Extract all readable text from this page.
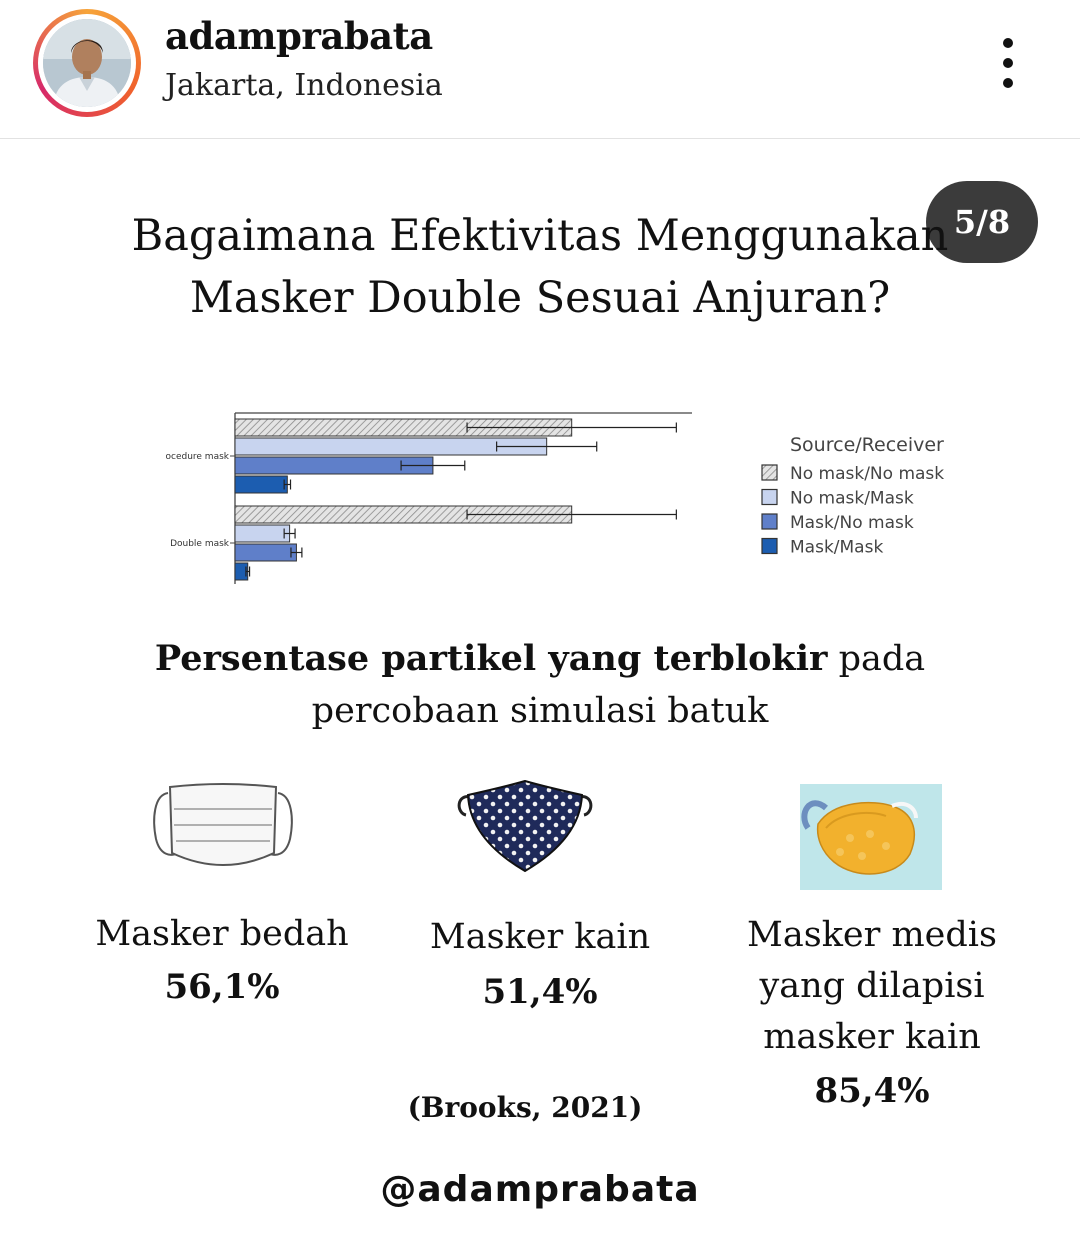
adamprabata
Jakarta, Indonesia
5/8
Bagaimana Efektivitas Menggunakan
Masker Double Sesuai Anjuran?
ocedure mask
Double mask
Source/Receiver
No mask/No mask
No mask/Mask
Mask/No mask
Mask/Mask
Persentase partikel yang terblokir pada
percobaan simulasi batuk
Masker bedah
56,1%
Masker kain
51,4%
Masker medis
yang dilapisi
masker kain
85,4%
(Brooks, 2021)
@adamprabata
